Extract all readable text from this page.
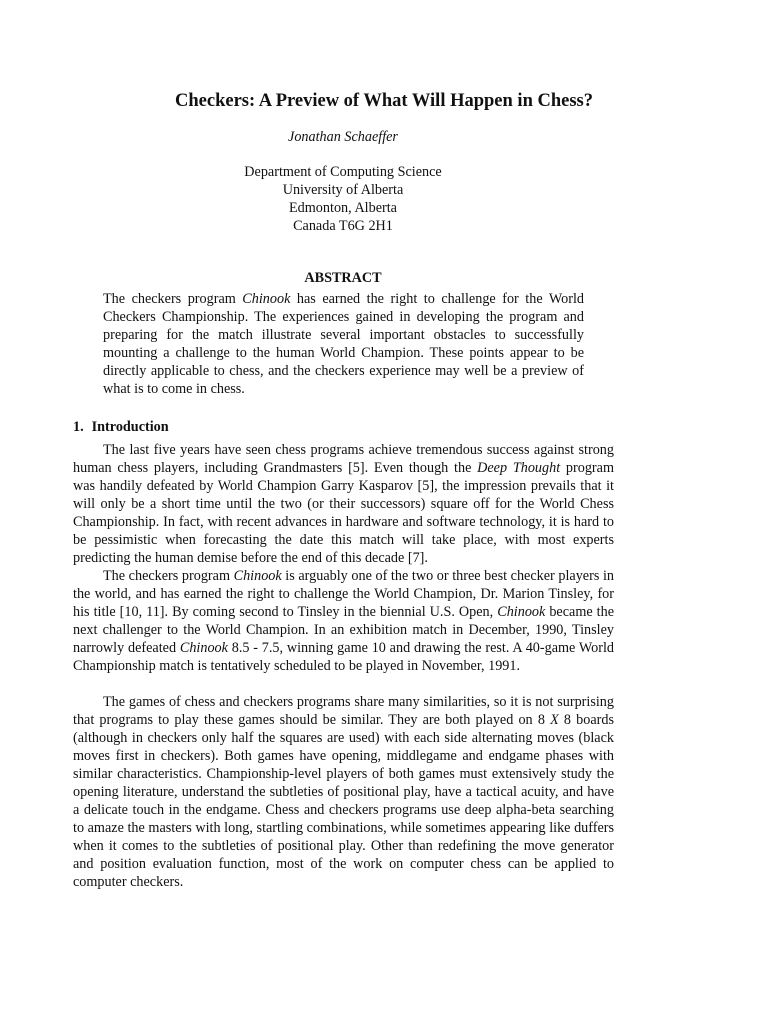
Checkers: A Preview of What Will Happen in Chess?

Jonathan Schaeffer

Department of Computing Science
University of Alberta
Edmonton, Alberta
Canada T6G 2H1
ABSTRACT

The checkers program Chinook has earned the right to challenge for the World Checkers Championship. The experiences gained in developing the program and preparing for the match illustrate several important obstacles to successfully mounting a challenge to the human World Champion. These points appear to be directly applicable to chess, and the checkers experience may well be a preview of what is to come in chess.

1. Introduction

The last five years have seen chess programs achieve tremendous success against strong human chess players, including Grandmasters [5]. Even though the Deep Thought program was handily defeated by World Champion Garry Kasparov [5], the impression prevails that it will only be a short time until the two (or their successors) square off for the World Chess Championship. In fact, with recent advances in hardware and software technology, it is hard to be pessimistic when forecasting the date this match will take place, with most experts predicting the human demise before the end of this decade [7].

The checkers program Chinook is arguably one of the two or three best checker players in the world, and has earned the right to challenge the World Champion, Dr. Marion Tinsley, for his title [10, 11]. By coming second to Tinsley in the biennial U.S. Open, Chinook became the next challenger to the World Champion. In an exhibition match in December, 1990, Tinsley narrowly defeated Chinook 8.5 - 7.5, winning game 10 and drawing the rest. A 40-game World Championship match is tentatively scheduled to be played in November, 1991.

The games of chess and checkers programs share many similarities, so it is not surprising that programs to play these games should be similar. They are both played on 8 X 8 boards (although in checkers only half the squares are used) with each side alternating moves (black moves first in checkers). Both games have opening, middlegame and endgame phases with similar characteristics. Championship-level players of both games must extensively study the opening literature, understand the subtleties of positional play, have a tactical acuity, and have a delicate touch in the endgame. Chess and checkers programs use deep alpha-beta searching to amaze the masters with long, startling combinations, while sometimes appearing like duffers when it comes to the subtleties of positional play. Other than redefining the move generator and position evaluation function, most of the work on computer chess can be applied to computer checkers.
